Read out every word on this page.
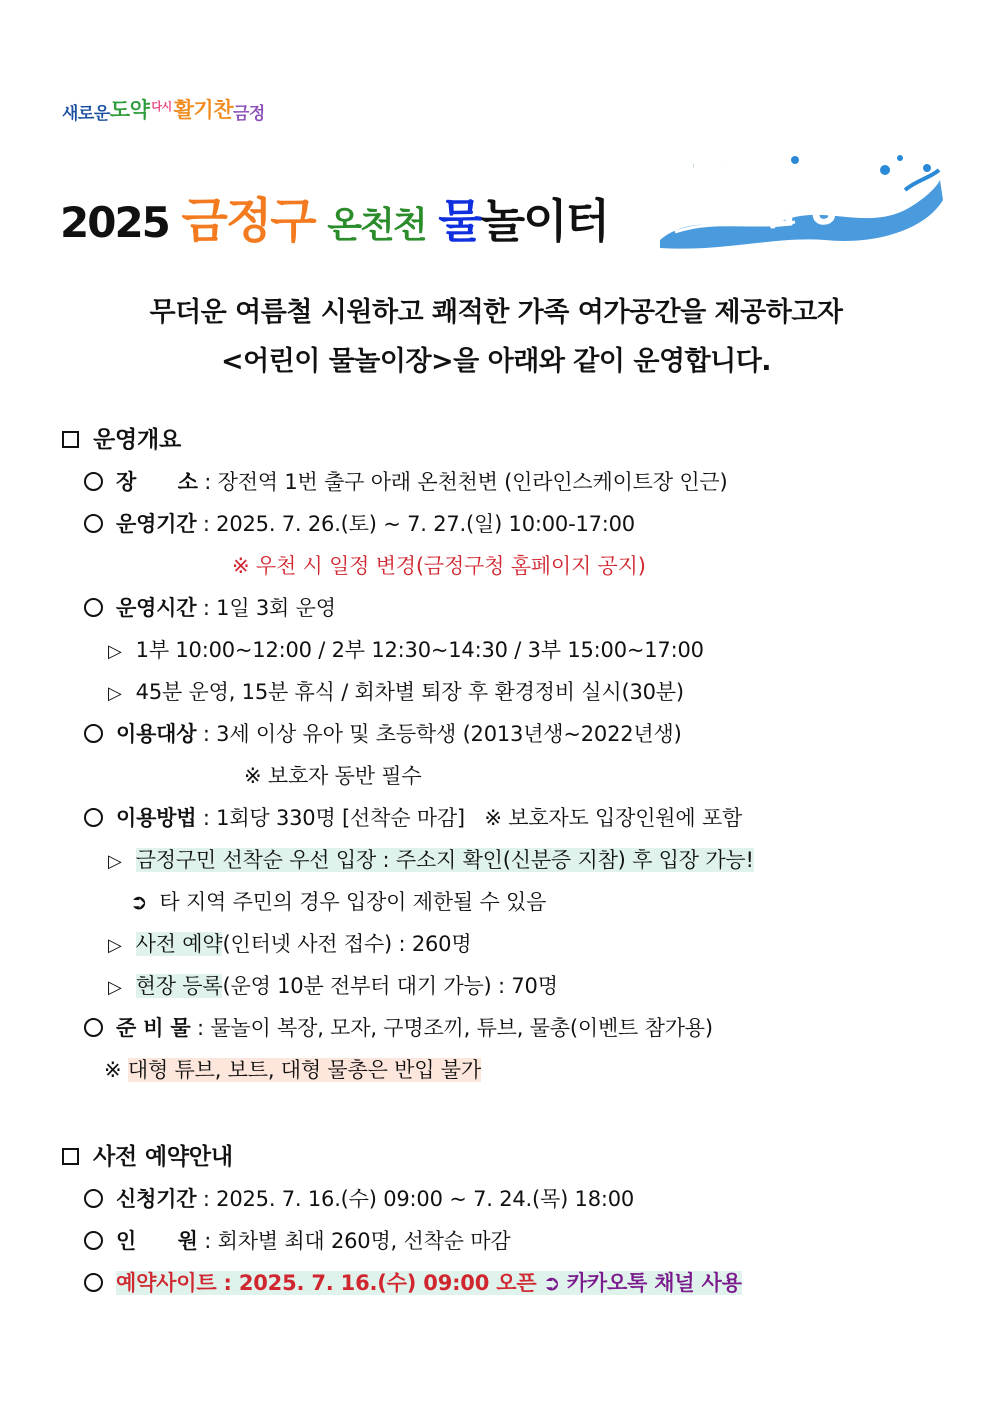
새로운 도약 다시 활기찬 금정
2025 금정구 온천천 물놀이터
금정 첨벙
무더운 여름철 시원하고 쾌적한 가족 여가공간을 제공하고자
<어린이 물놀이장>을 아래와 같이 운영합니다.
운영개요
장　　소 : 장전역 1번 출구 아래 온천천변 (인라인스케이트장 인근)
운영기간 : 2025. 7. 26.(토) ~ 7. 27.(일) 10:00-17:00
※ 우천 시 일정 변경(금정구청 홈페이지 공지)
운영시간 : 1일 3회 운영
▷ 1부 10:00~12:00 / 2부 12:30~14:30 / 3부 15:00~17:00
▷ 45분 운영, 15분 휴식 / 회차별 퇴장 후 환경정비 실시(30분)
이용대상 : 3세 이상 유아 및 초등학생 (2013년생~2022년생)
※ 보호자 동반 필수
이용방법 : 1회당 330명 [선착순 마감] ※ 보호자도 입장인원에 포함
▷ 금정구민 선착순 우선 입장 : 주소지 확인(신분증 지참) 후 입장 가능!
➲ 타 지역 주민의 경우 입장이 제한될 수 있음
▷ 사전 예약(인터넷 사전 접수) : 260명
▷ 현장 등록(운영 10분 전부터 대기 가능) : 70명
준 비 물 : 물놀이 복장, 모자, 구명조끼, 튜브, 물총(이벤트 참가용)
※ 대형 튜브, 보트, 대형 물총은 반입 불가
사전 예약안내
신청기간 : 2025. 7. 16.(수) 09:00 ~ 7. 24.(목) 18:00
인　　원 : 회차별 최대 260명, 선착순 마감
예약사이트 : 2025. 7. 16.(수) 09:00 오픈 ➲ 카카오톡 채널 사용
